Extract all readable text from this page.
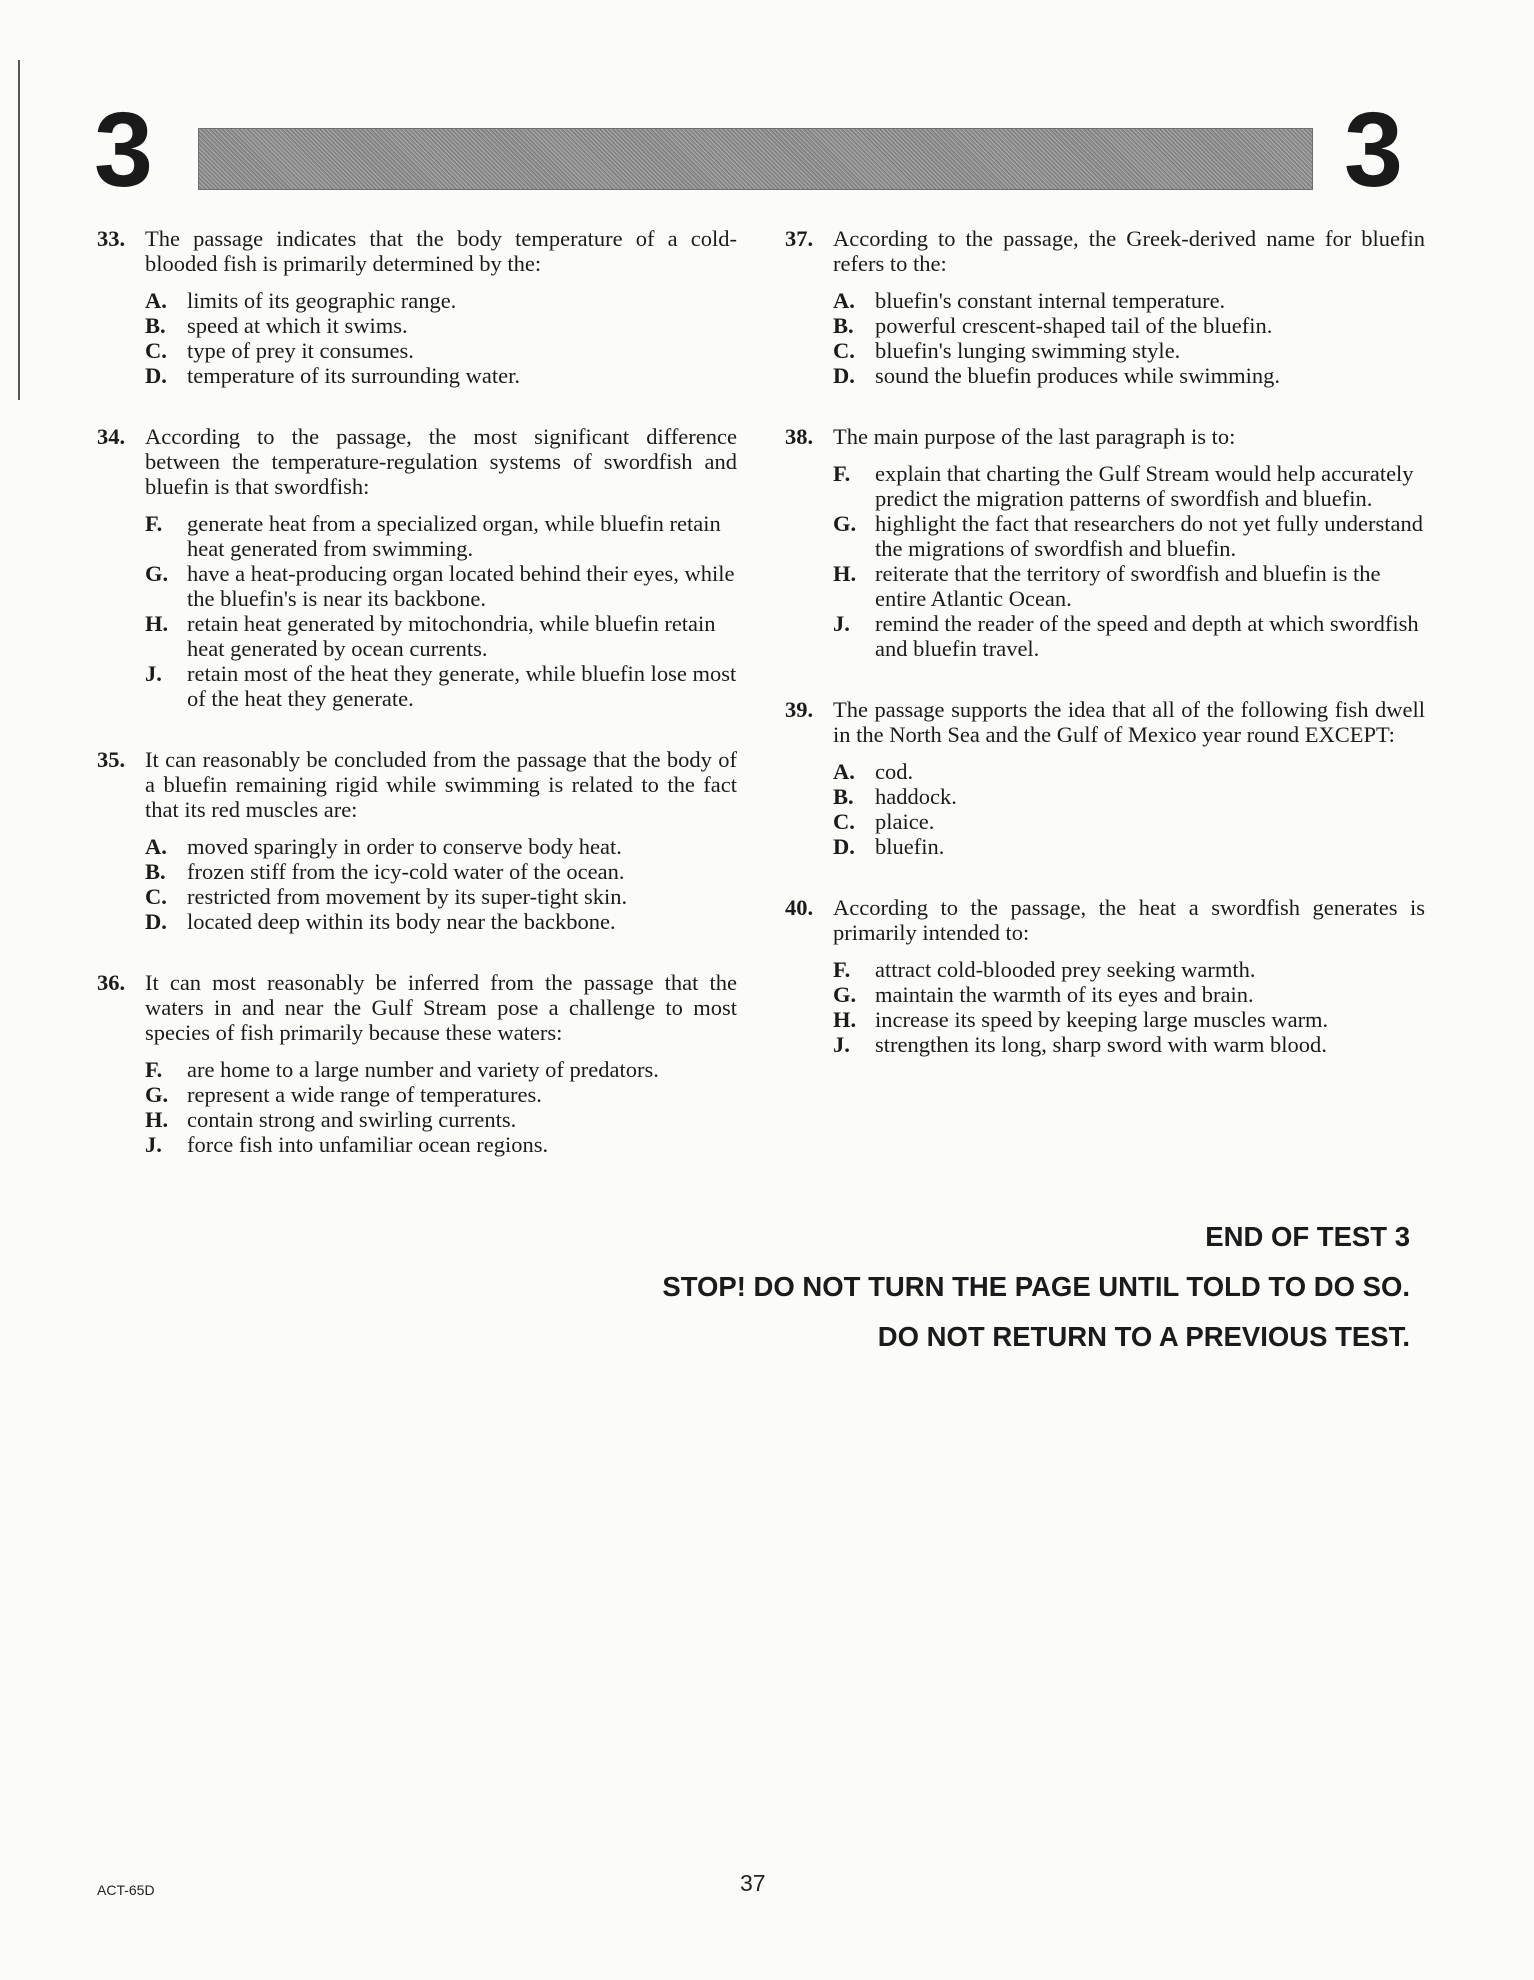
3	3
33. The passage indicates that the body temperature of a cold-blooded fish is primarily determined by the:
A. limits of its geographic range.
B. speed at which it swims.
C. type of prey it consumes.
D. temperature of its surrounding water.
34. According to the passage, the most significant difference between the temperature-regulation systems of swordfish and bluefin is that swordfish:
F.	generate heat from a specialized organ, while bluefin retain heat generated from swimming.
G. have a heat-producing organ located behind their eyes, while the bluefin's is near its backbone.
H. retain heat generated by mitochondria, while bluefin retain heat generated by ocean currents.
J.	retain most of the heat they generate, while bluefin lose most of the heat they generate.
35. It can reasonably be concluded from the passage that the body of a bluefin remaining rigid while swimming is related to the fact that its red muscles are:
A. moved sparingly in order to conserve body heat.
B. frozen stiff from the icy-cold water of the ocean.
C. restricted from movement by its super-tight skin.
D. located deep within its body near the backbone.
36. It can most reasonably be inferred from the passage that the waters in and near the Gulf Stream pose a challenge to most species of fish primarily because these waters:
F.	are home to a large number and variety of predators.
G. represent a wide range of temperatures.
H. contain strong and swirling currents.
J.	force fish into unfamiliar ocean regions.
37. According to the passage, the Greek-derived name for bluefin refers to the:
A. bluefin's constant internal temperature.
B. powerful crescent-shaped tail of the bluefin.
C. bluefin's lunging swimming style.
D. sound the bluefin produces while swimming.
38. The main purpose of the last paragraph is to:
F.	explain that charting the Gulf Stream would help accurately predict the migration patterns of swordfish and bluefin.
G. highlight the fact that researchers do not yet fully understand the migrations of swordfish and bluefin.
H. reiterate that the territory of swordfish and bluefin is the entire Atlantic Ocean.
J.	remind the reader of the speed and depth at which swordfish and bluefin travel.
39. The passage supports the idea that all of the following fish dwell in the North Sea and the Gulf of Mexico year round EXCEPT:
A. cod.
B. haddock.
C. plaice.
D. bluefin.
40. According to the passage, the heat a swordfish generates is primarily intended to:
F.	attract cold-blooded prey seeking warmth.
G. maintain the warmth of its eyes and brain.
H. increase its speed by keeping large muscles warm.
J.	strengthen its long, sharp sword with warm blood.
END OF TEST 3
STOP! DO NOT TURN THE PAGE UNTIL TOLD TO DO SO.
DO NOT RETURN TO A PREVIOUS TEST.
ACT-65D	37
